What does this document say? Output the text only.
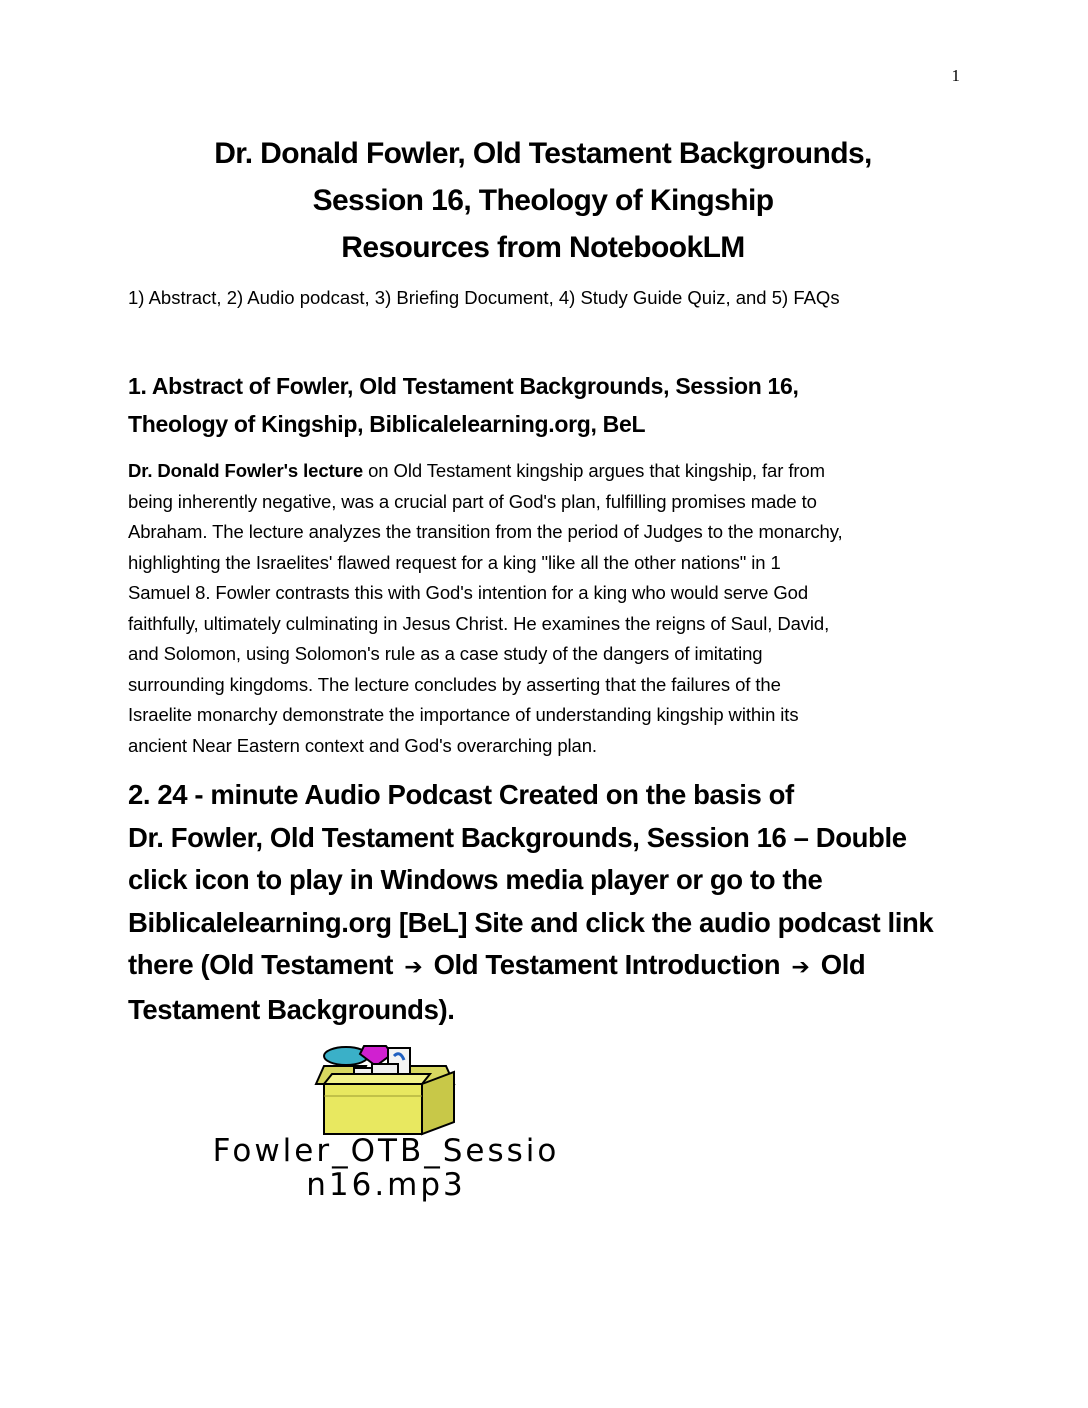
1
Dr. Donald Fowler, Old Testament Backgrounds,
Session 16, Theology of Kingship
Resources from NotebookLM
1) Abstract, 2) Audio podcast, 3) Briefing Document, 4) Study Guide Quiz, and 5) FAQs
1. Abstract of Fowler, Old Testament Backgrounds, Session 16,
Theology of Kingship, Biblicalelearning.org, BeL
Dr. Donald Fowler's lecture on Old Testament kingship argues that kingship, far from
being inherently negative, was a crucial part of God's plan, fulfilling promises made to
Abraham. The lecture analyzes the transition from the period of Judges to the monarchy,
highlighting the Israelites' flawed request for a king "like all the other nations" in 1
Samuel 8. Fowler contrasts this with God's intention for a king who would serve God
faithfully, ultimately culminating in Jesus Christ. He examines the reigns of Saul, David,
and Solomon, using Solomon's rule as a case study of the dangers of imitating
surrounding kingdoms. The lecture concludes by asserting that the failures of the
Israelite monarchy demonstrate the importance of understanding kingship within its
ancient Near Eastern context and God's overarching plan.
2. 24 - minute Audio Podcast Created on the basis of
Dr. Fowler, Old Testament Backgrounds, Session 16 – Double
click icon to play in Windows media player or go to the
Biblicalelearning.org [BeL] Site and click the audio podcast link
there (Old Testament ➔ Old Testament Introduction ➔ Old
Testament Backgrounds).
Fowler_OTB_Sessio
n16.mp3
